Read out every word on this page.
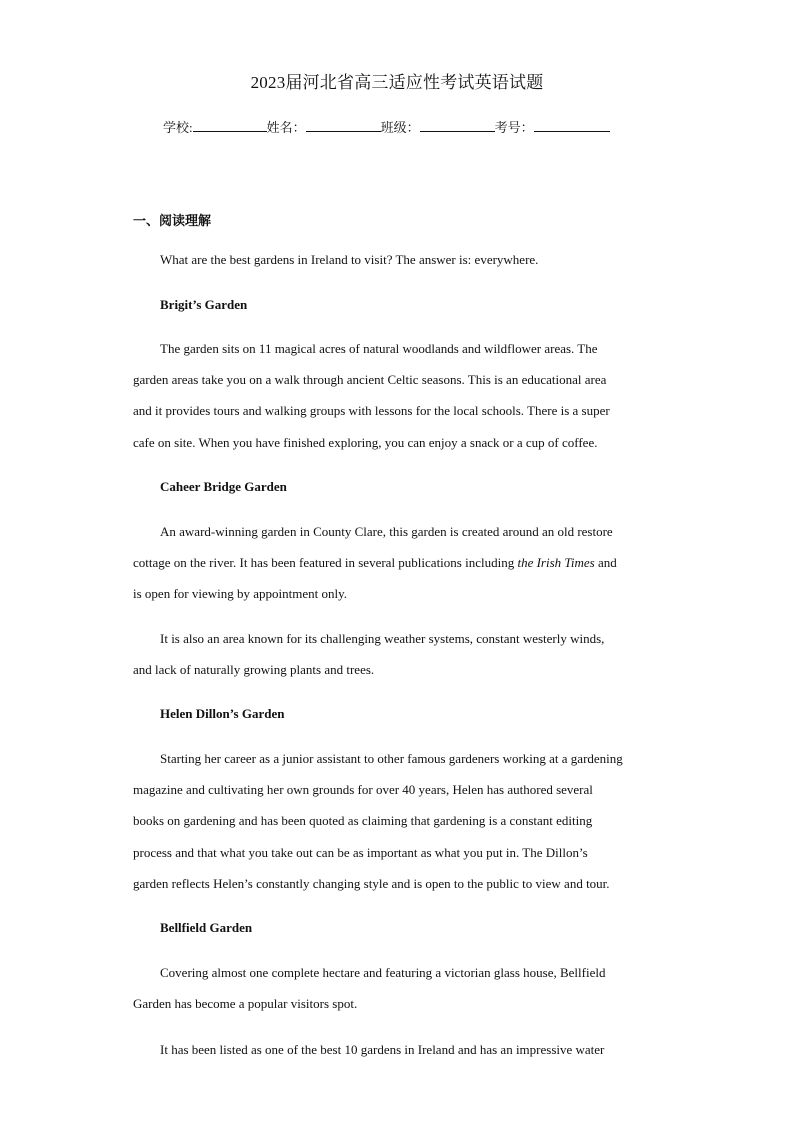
2023届河北省高三适应性考试英语试题
学校:	姓名：	班级：	考号：
一、阅读理解
What are the best gardens in Ireland to visit? The answer is: everywhere.
Brigit’s Garden
The garden sits on 11 magical acres of natural woodlands and wildflower areas. The
garden areas take you on a walk through ancient Celtic seasons. This is an educational area
and it provides tours and walking groups with lessons for the local schools. There is a super
cafe on site. When you have finished exploring, you can enjoy a snack or a cup of coffee.
Caheer Bridge Garden
An award-winning garden in County Clare, this garden is created around an old restore
cottage on the river. It has been featured in several publications including the Irish Times and
is open for viewing by appointment only.
It is also an area known for its challenging weather systems, constant westerly winds,
and lack of naturally growing plants and trees.
Helen Dillon’s Garden
Starting her career as a junior assistant to other famous gardeners working at a gardening
magazine and cultivating her own grounds for over 40 years, Helen has authored several
books on gardening and has been quoted as claiming that gardening is a constant editing
process and that what you take out can be as important as what you put in. The Dillon’s
garden reflects Helen’s constantly changing style and is open to the public to view and tour.
Bellfield Garden
Covering almost one complete hectare and featuring a victorian glass house, Bellfield
Garden has become a popular visitors spot.
It has been listed as one of the best 10 gardens in Ireland and has an impressive water
